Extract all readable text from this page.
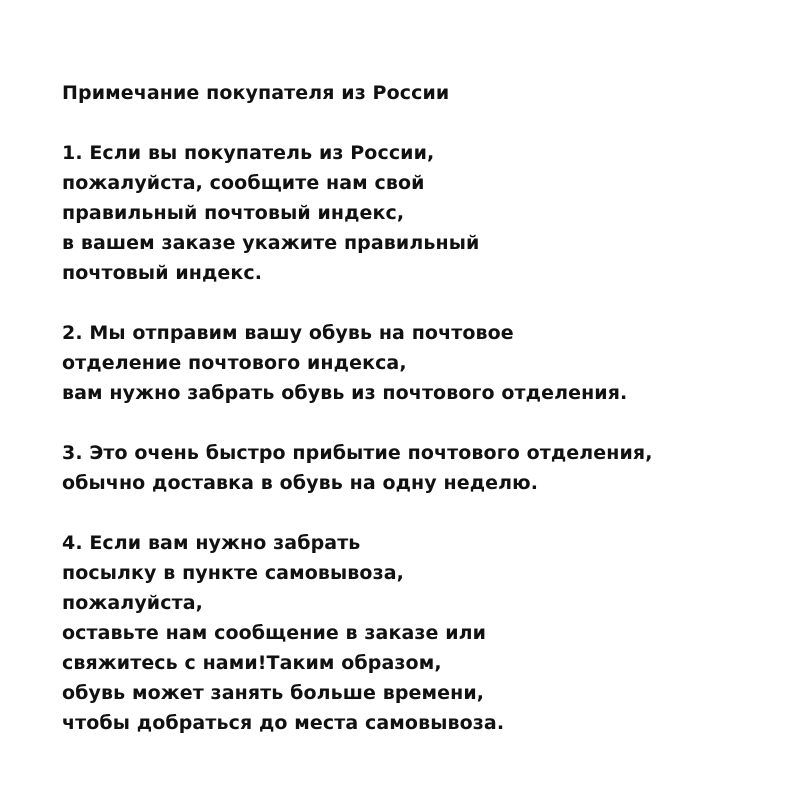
Примечание покупателя из России
1. Если вы покупатель из России,
пожалуйста, сообщите нам свой
правильный почтовый индекс,
в вашем заказе укажите правильный
почтовый индекс.
2. Мы отправим вашу обувь на почтовое
отделение почтового индекса,
вам нужно забрать обувь из почтового отделения.
3. Это очень быстро прибытие почтового отделения,
обычно доставка в обувь на одну неделю.
4. Если вам нужно забрать
посылку в пункте самовывоза,
пожалуйста,
оставьте нам сообщение в заказе или
свяжитесь с нами!Таким образом,
обувь может занять больше времени,
чтобы добраться до места самовывоза.
